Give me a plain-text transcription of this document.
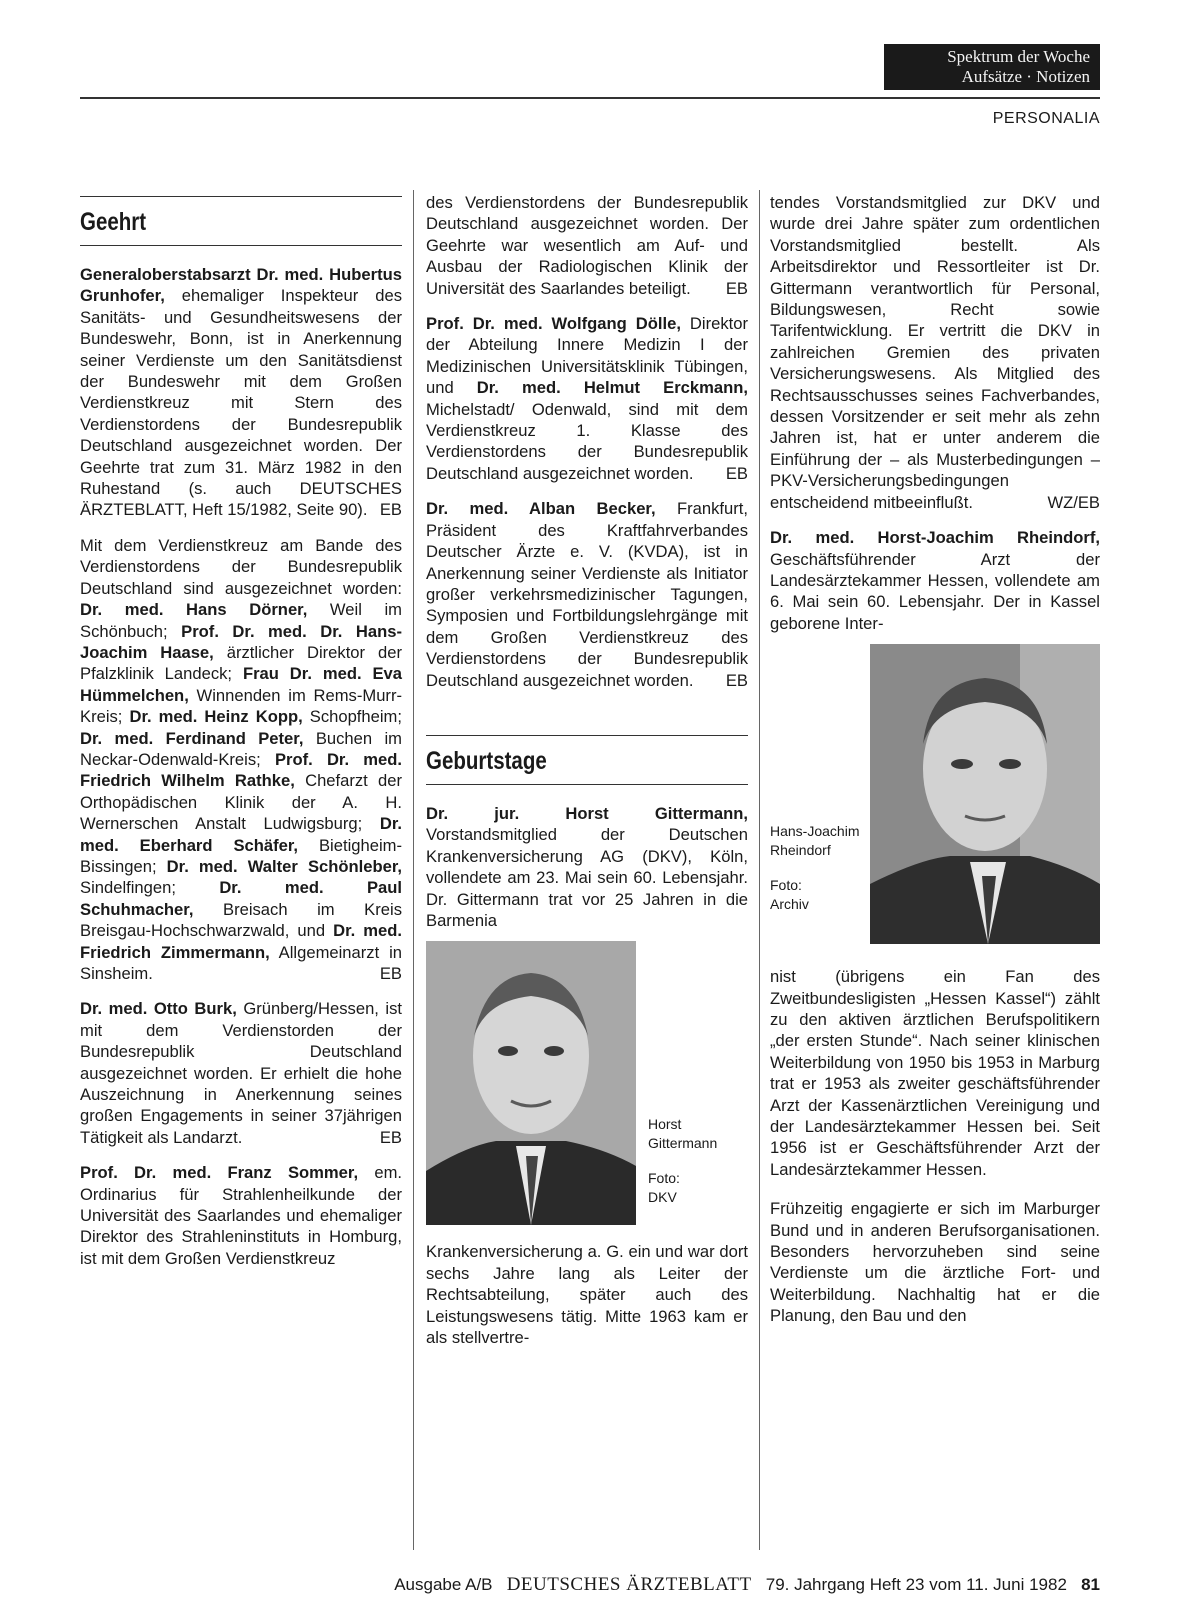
Spektrum der Woche
Aufsätze · Notizen
PERSONALIA
Geehrt

Generaloberstabsarzt Dr. med. Hubertus Grunhofer, ehemaliger Inspekteur des Sanitäts- und Gesundheitswesens der Bundeswehr, Bonn, ist in Anerkennung seiner Verdienste um den Sanitätsdienst der Bundeswehr mit dem Großen Verdienstkreuz mit Stern des Verdienstordens der Bundesrepublik Deutschland ausgezeichnet worden. Der Geehrte trat zum 31. März 1982 in den Ruhestand (s. auch DEUTSCHES ÄRZTEBLATT, Heft 15/1982, Seite 90). EB

Mit dem Verdienstkreuz am Bande des Verdienstordens der Bundesrepublik Deutschland sind ausgezeichnet worden: Dr. med. Hans Dörner, Weil im Schönbuch; Prof. Dr. med. Dr. Hans-Joachim Haase, ärztlicher Direktor der Pfalzklinik Landeck; Frau Dr. med. Eva Hümmelchen, Winnenden im Rems-Murr-Kreis; Dr. med. Heinz Kopp, Schopfheim; Dr. med. Ferdinand Peter, Buchen im Neckar-Odenwald-Kreis; Prof. Dr. med. Friedrich Wilhelm Rathke, Chefarzt der Orthopädischen Klinik der A. H. Wernerschen Anstalt Ludwigsburg; Dr. med. Eberhard Schäfer, Bietigheim-Bissingen; Dr. med. Walter Schönleber, Sindelfingen; Dr. med. Paul Schuhmacher, Breisach im Kreis Breisgau-Hochschwarzwald, und Dr. med. Friedrich Zimmermann, Allgemeinarzt in Sinsheim.	EB

Dr. med. Otto Burk, Grünberg/Hessen, ist mit dem Verdienstorden der Bundesrepublik Deutschland ausgezeichnet worden. Er erhielt die hohe Auszeichnung in Anerkennung seines großen Engagements in seiner 37jährigen Tätigkeit als Landarzt.	EB

Prof. Dr. med. Franz Sommer, em. Ordinarius für Strahlenheilkunde der Universität des Saarlandes und ehemaliger Direktor des Strahleninstituts in Homburg, ist mit dem Großen Verdienstkreuz

des Verdienstordens der Bundesrepublik Deutschland ausgezeichnet worden. Der Geehrte war wesentlich am Auf- und Ausbau der Radiologischen Klinik der Universität des Saarlandes beteiligt. EB

Prof. Dr. med. Wolfgang Dölle, Direktor der Abteilung Innere Medizin I der Medizinischen Universitätsklinik Tübingen, und Dr. med. Helmut Erckmann, Michelstadt/ Odenwald, sind mit dem Verdienstkreuz 1. Klasse des Verdienstordens der Bundesrepublik Deutschland ausgezeichnet worden. EB

Dr. med. Alban Becker, Frankfurt, Präsident des Kraftfahrverbandes Deutscher Ärzte e. V. (KVDA), ist in Anerkennung seiner Verdienste als Initiator großer verkehrsmedizinischer Tagungen, Symposien und Fortbildungslehrgänge mit dem Großen Verdienstkreuz des Verdienstordens der Bundesrepublik Deutschland ausgezeichnet worden. EB

Geburtstage

Dr. jur. Horst Gittermann, Vorstandsmitglied der Deutschen Krankenversicherung AG (DKV), Köln, vollendete am 23. Mai sein 60. Lebensjahr. Dr. Gittermann trat vor 25 Jahren in die Barmenia

Horst Gittermann
Foto:
DKV

Krankenversicherung a. G. ein und war dort sechs Jahre lang als Leiter der Rechtsabteilung, später auch des Leistungswesens tätig. Mitte 1963 kam er als stellvertre-

tendes Vorstandsmitglied zur DKV und wurde drei Jahre später zum ordentlichen Vorstandsmitglied bestellt. Als Arbeitsdirektor und Ressortleiter ist Dr. Gittermann verantwortlich für Personal, Bildungswesen, Recht sowie Tarifentwicklung. Er vertritt die DKV in zahlreichen Gremien des privaten Versicherungswesens. Als Mitglied des Rechtsausschusses seines Fachverbandes, dessen Vorsitzender er seit mehr als zehn Jahren ist, hat er unter anderem die Einführung der – als Musterbedingungen – PKV-Versicherungsbedingungen entscheidend mitbeeinflußt.	WZ/EB

Dr. med. Horst-Joachim Rheindorf, Geschäftsführender Arzt der Landesärztekammer Hessen, vollendete am 6. Mai sein 60. Lebensjahr. Der in Kassel geborene Inter-

Hans-Joachim Rheindorf
Foto:
Archiv

nist (übrigens ein Fan des Zweitbundesligisten „Hessen Kassel“) zählt zu den aktiven ärztlichen Berufspolitikern „der ersten Stunde“. Nach seiner klinischen Weiterbildung von 1950 bis 1953 in Marburg trat er 1953 als zweiter geschäftsführender Arzt der Kassenärztlichen Vereinigung und der Landesärztekammer Hessen bei. Seit 1956 ist er Geschäftsführender Arzt der Landesärztekammer Hessen.

Frühzeitig engagierte er sich im Marburger Bund und in anderen Berufsorganisationen. Besonders hervorzuheben sind seine Verdienste um die ärztliche Fort- und Weiterbildung. Nachhaltig hat er die Planung, den Bau und den

Ausgabe A/B DEUTSCHES ÄRZTEBLATT 79. Jahrgang Heft 23 vom 11. Juni 1982 81
